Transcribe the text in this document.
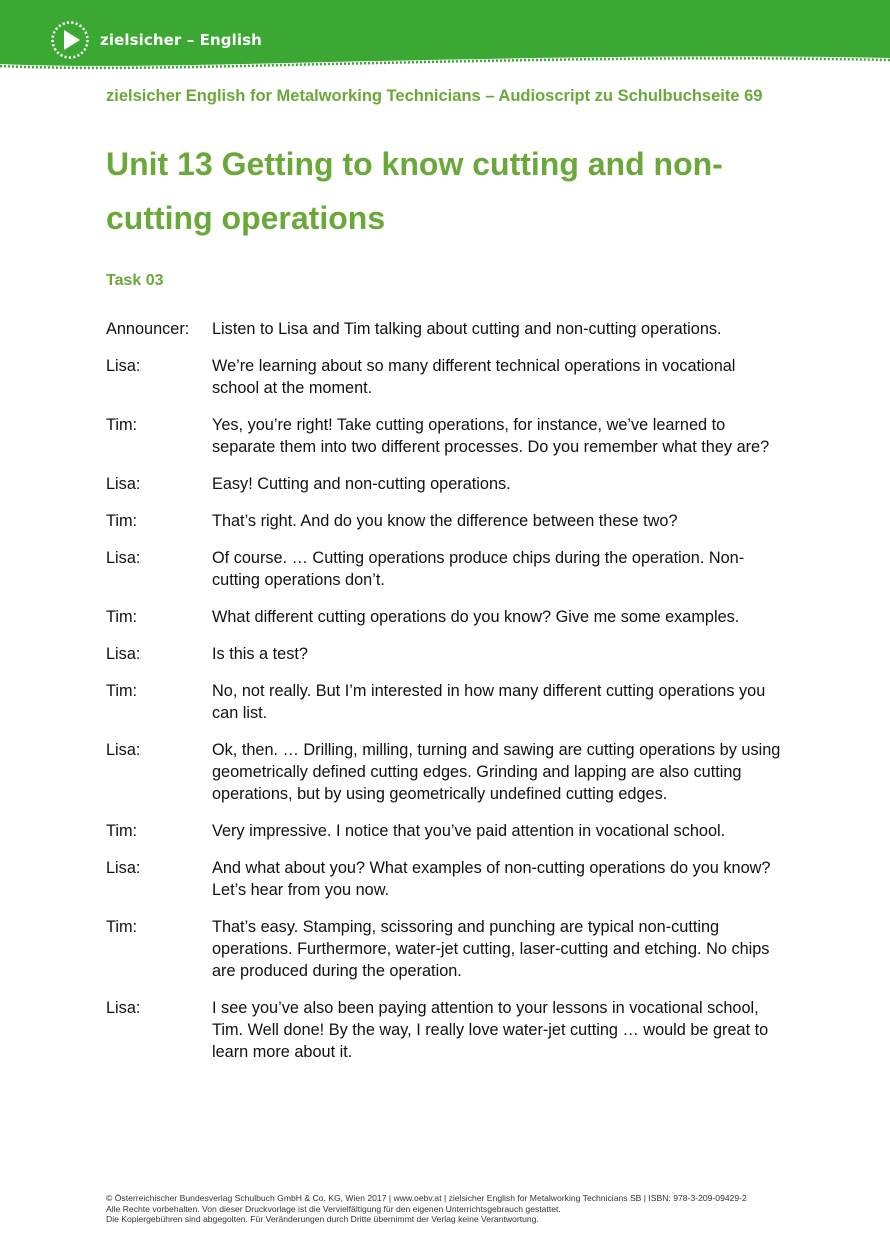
zielsicher – English
zielsicher English for Metalworking Technicians – Audioscript zu Schulbuchseite 69
Unit 13 Getting to know cutting and non-cutting operations
Task 03
Announcer:	Listen to Lisa and Tim talking about cutting and non-cutting operations.
Lisa:	We’re learning about so many different technical operations in vocational school at the moment.
Tim:	Yes, you’re right! Take cutting operations, for instance, we’ve learned to separate them into two different processes. Do you remember what they are?
Lisa:	Easy! Cutting and non-cutting operations.
Tim:	That’s right. And do you know the difference between these two?
Lisa:	Of course. … Cutting operations produce chips during the operation. Non-cutting operations don’t.
Tim:	What different cutting operations do you know? Give me some examples.
Lisa:	Is this a test?
Tim:	No, not really. But I’m interested in how many different cutting operations you can list.
Lisa:	Ok, then. … Drilling, milling, turning and sawing are cutting operations by using geometrically defined cutting edges. Grinding and lapping are also cutting operations, but by using geometrically undefined cutting edges.
Tim:	Very impressive. I notice that you’ve paid attention in vocational school.
Lisa:	And what about you? What examples of non-cutting operations do you know? Let’s hear from you now.
Tim:	That’s easy. Stamping, scissoring and punching are typical non-cutting operations. Furthermore, water-jet cutting, laser-cutting and etching. No chips are produced during the operation.
Lisa:	I see you’ve also been paying attention to your lessons in vocational school, Tim. Well done! By the way, I really love water-jet cutting … would be great to learn more about it.
© Österreichischer Bundesverlag Schulbuch GmbH & Co. KG, Wien 2017 | www.oebv.at | zielsicher English for Metalworking Technicians SB | ISBN: 978-3-209-09429-2
Alle Rechte vorbehalten. Von dieser Druckvorlage ist die Vervielfältigung für den eigenen Unterrichtsgebrauch gestattet.
Die Kopiergebühren sind abgegolten. Für Veränderungen durch Dritte übernimmt der Verlag keine Verantwortung.
